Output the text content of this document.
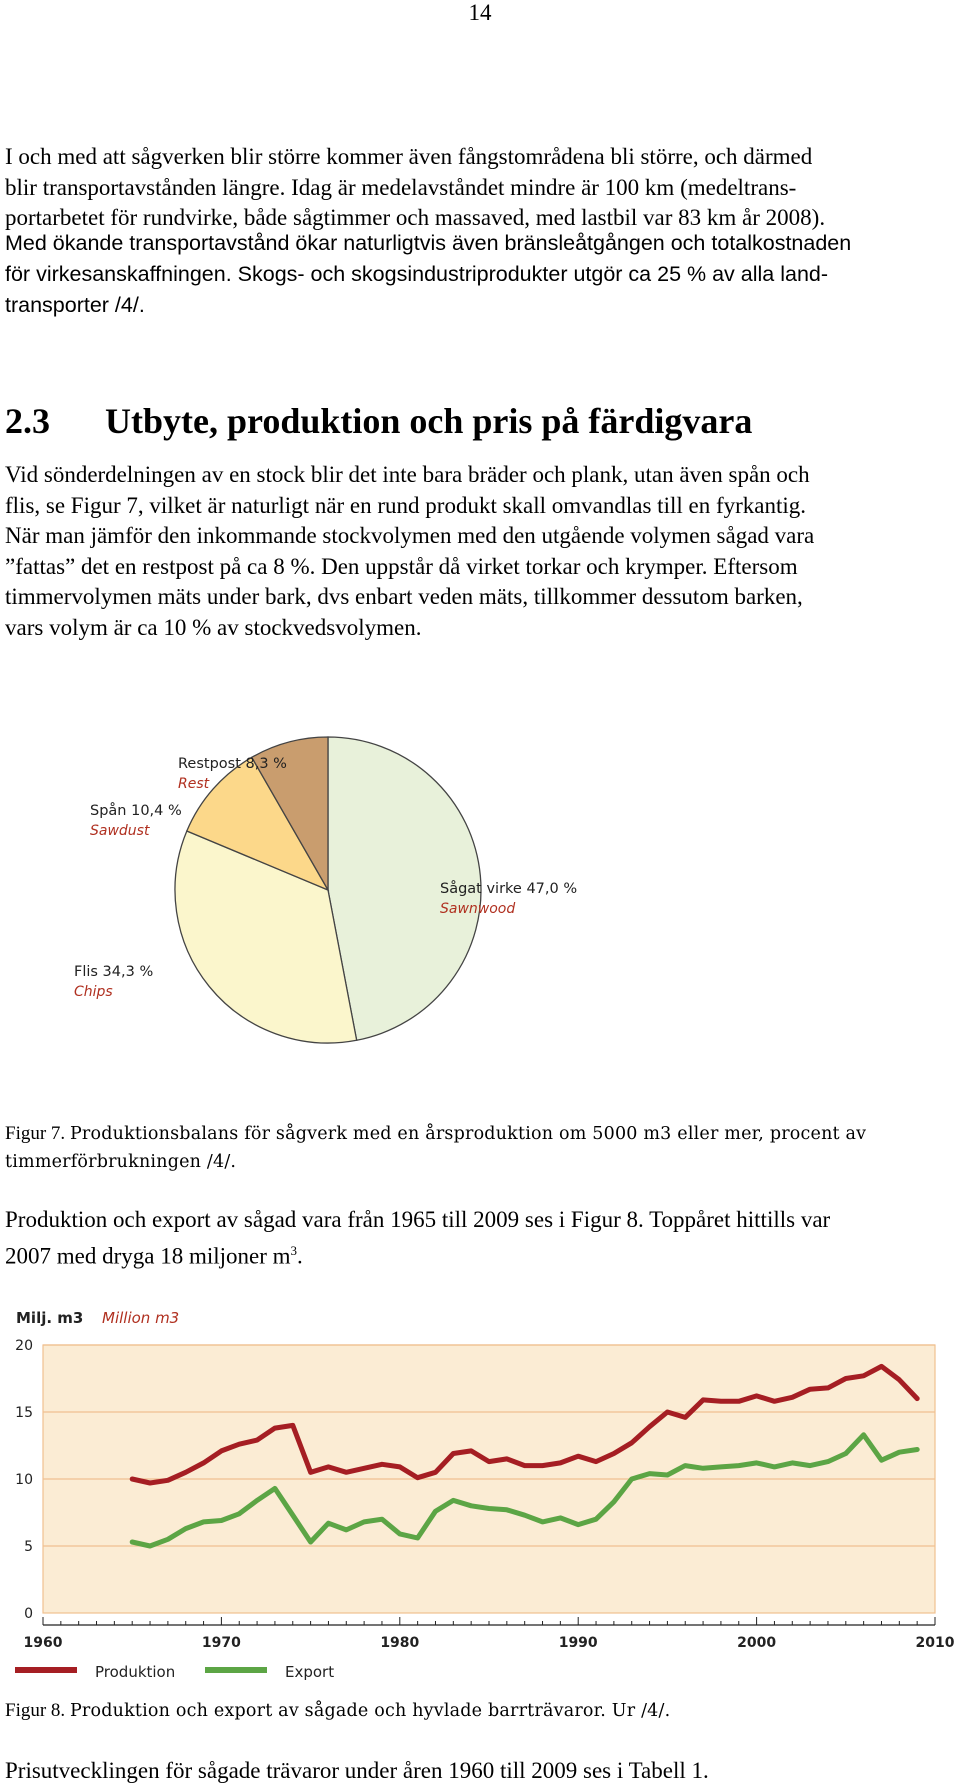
14
I och med att sågverken blir större kommer även fångstområdena bli större, och därmed
blir transportavstånden längre. Idag är medelavståndet mindre är 100 km (medeltrans-
portarbetet för rundvirke, både sågtimmer och massaved, med lastbil var 83 km år 2008).
Med ökande transportavstånd ökar naturligtvis även bränsleåtgången och totalkostnaden
för virkesanskaffningen. Skogs- och skogsindustriprodukter utgör ca 25 % av alla land-
transporter /4/.
2.3 Utbyte, produktion och pris på färdigvara
Vid sönderdelningen av en stock blir det inte bara bräder och plank, utan även spån och
flis, se Figur 7, vilket är naturligt när en rund produkt skall omvandlas till en fyrkantig.
När man jämför den inkommande stockvolymen med den utgående volymen sågad vara
”fattas” det en restpost på ca 8 %. Den uppstår då virket torkar och krymper. Eftersom
timmervolymen mäts under bark, dvs enbart veden mäts, tillkommer dessutom barken,
vars volym är ca 10 % av stockvedsvolymen.
Sågat virke 47,0 %
Sawnwood
Flis 34,3 %
Chips
Spån 10,4 %
Sawdust
Restpost 8,3 %
Rest
Figur 7. Produktionsbalans för sågverk med en årsproduktion om 5000 m3 eller mer, procent av
timmerförbrukningen /4/.
Produktion och export av sågad vara från 1965 till 2009 ses i Figur 8. Toppåret hittills var
2007 med dryga 18 miljoner $m^3$.
Milj. m3 Million m3
0
5
10
15
20
1960	1970	1980	1990	2000	2010
Produktion	Export
Figur 8. Produktion och export av sågade och hyvlade barrträvaror. Ur /4/.
Prisutvecklingen för sågade trävaror under åren 1960 till 2009 ses i Tabell 1.
